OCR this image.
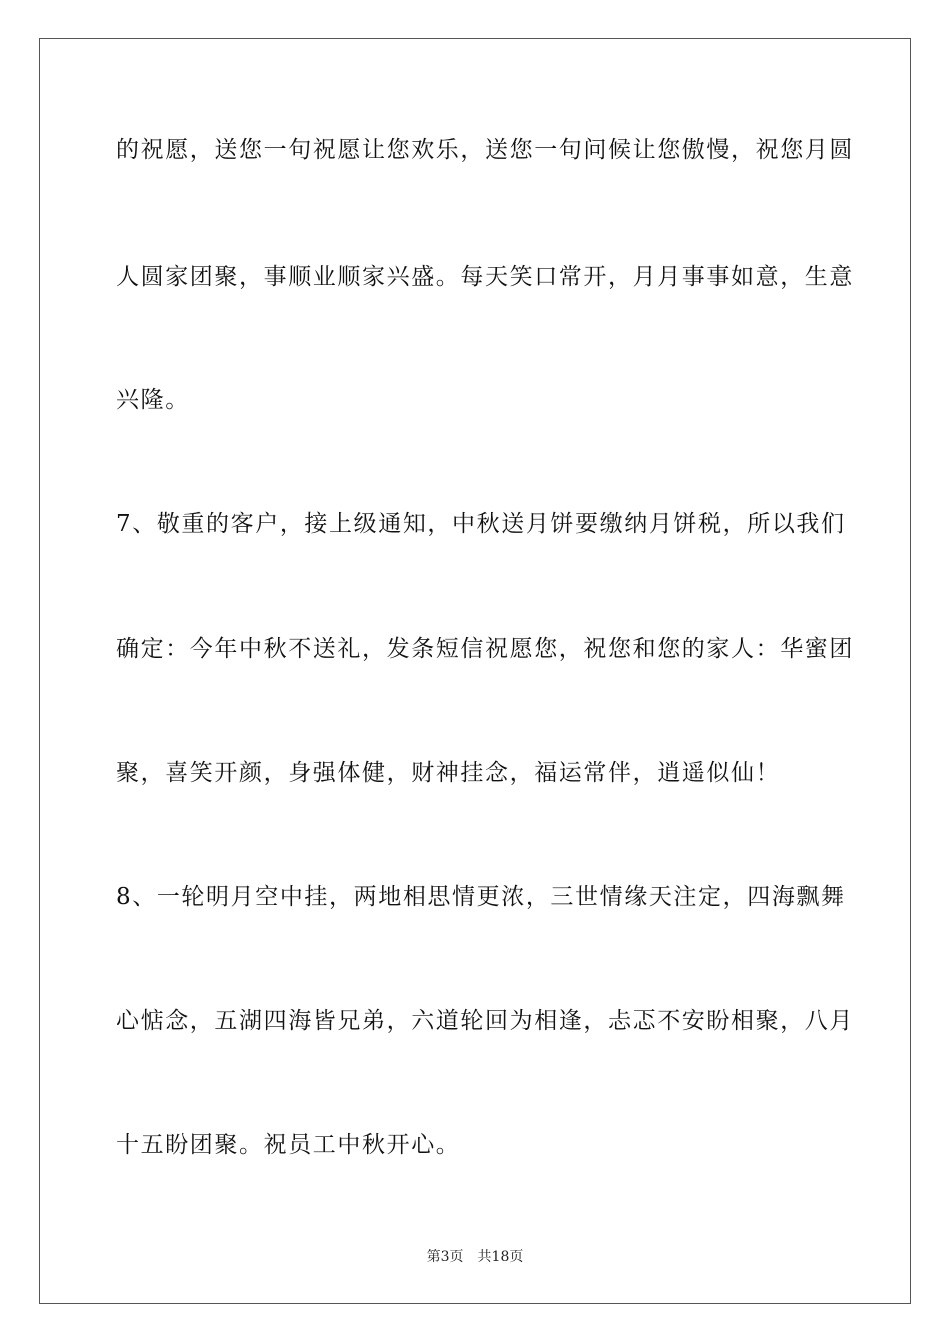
的祝愿，送您一句祝愿让您欢乐，送您一句问候让您傲慢，祝您月圆
人圆家团聚，事顺业顺家兴盛。每天笑口常开，月月事事如意，生意
兴隆。
7、敬重的客户，接上级通知，中秋送月饼要缴纳月饼税，所以我们
确定：今年中秋不送礼，发条短信祝愿您，祝您和您的家人：华蜜团
聚，喜笑开颜，身强体健，财神挂念，福运常伴，逍遥似仙！
8、一轮明月空中挂，两地相思情更浓，三世情缘天注定，四海飘舞
心惦念，五湖四海皆兄弟，六道轮回为相逢，忐忑不安盼相聚，八月
十五盼团聚。祝员工中秋开心。
第3页 共18页
